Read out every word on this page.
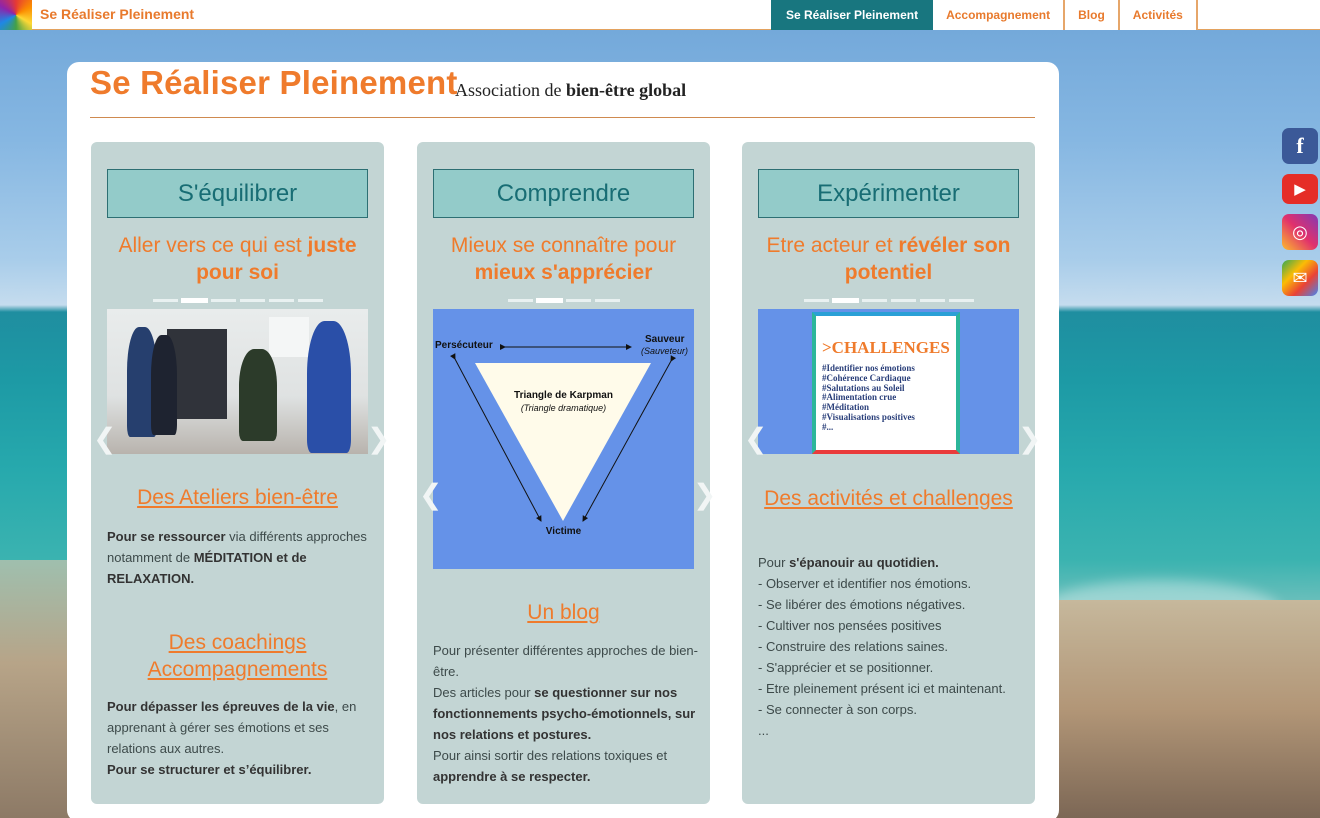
Se Réaliser Pleinement	Se Réaliser Pleinement	Accompagnement	Blog	Activités
f
▶
◎
✉
Se Réaliser Pleinement
Association de bien-être global
S'équilibrer
Aller vers ce qui est juste pour soi
❮	❯
Des Ateliers bien-être
Pour se ressourcer via différents approches notamment de MÉDITATION et de RELAXATION.
Des coachings Accompagnements
Pour dépasser les épreuves de la vie, en apprenant à gérer ses émotions et ses relations aux autres.
Pour se structurer et s’équilibrer.
Comprendre
Mieux se connaître pour mieux s'apprécier
Persécuteur
Sauveur
(Sauveteur)
Triangle de Karpman
(Triangle dramatique)
Victime
❮	❯
Un blog
Pour présenter différentes approches de bien-être.
Des articles pour se questionner sur nos fonctionnements psycho-émotionnels, sur nos relations et postures.
Pour ainsi sortir des relations toxiques et apprendre à se respecter.
Expérimenter
Etre acteur et révéler son potentiel
>CHALLENGES
#Identifier nos émotions
#Cohérence Cardiaque
#Salutations au Soleil
#Alimentation crue
#Méditation
#Visualisations positives
#...
❮	❯
Des activités et challenges
Pour s'épanouir au quotidien.
- Observer et identifier nos émotions.
- Se libérer des émotions négatives.
- Cultiver nos pensées positives
- Construire des relations saines.
- S'apprécier et se positionner.
- Etre pleinement présent ici et maintenant.
- Se connecter à son corps.
...
